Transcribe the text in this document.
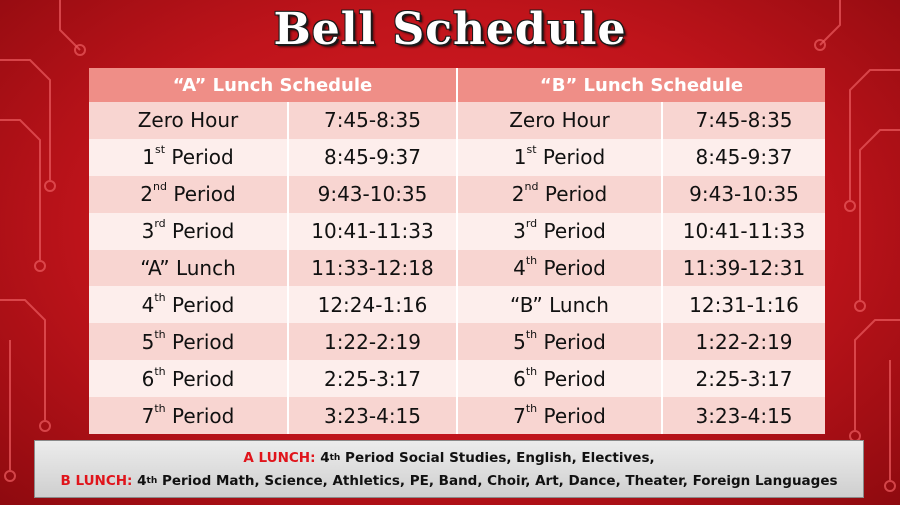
Bell Schedule
“A” Lunch Schedule		“B” Lunch Schedule	
Zero Hour	7:45-8:35	Zero Hour	7:45-8:35
1st Period	8:45-9:37	1st Period	8:45-9:37
2nd Period	9:43-10:35	2nd Period	9:43-10:35
3rd Period	10:41-11:33	3rd Period	10:41-11:33
“A” Lunch	11:33-12:18	4th Period	11:39-12:31
4th Period	12:24-1:16	“B” Lunch	12:31-1:16
5th Period	1:22-2:19	5th Period	1:22-2:19
6th Period	2:25-3:17	6th Period	2:25-3:17
7th Period	3:23-4:15	7th Period	3:23-4:15
A LUNCH: 4th Period Social Studies, English, Electives,
B LUNCH: 4th Period Math, Science, Athletics, PE, Band, Choir, Art, Dance, Theater, Foreign Languages
